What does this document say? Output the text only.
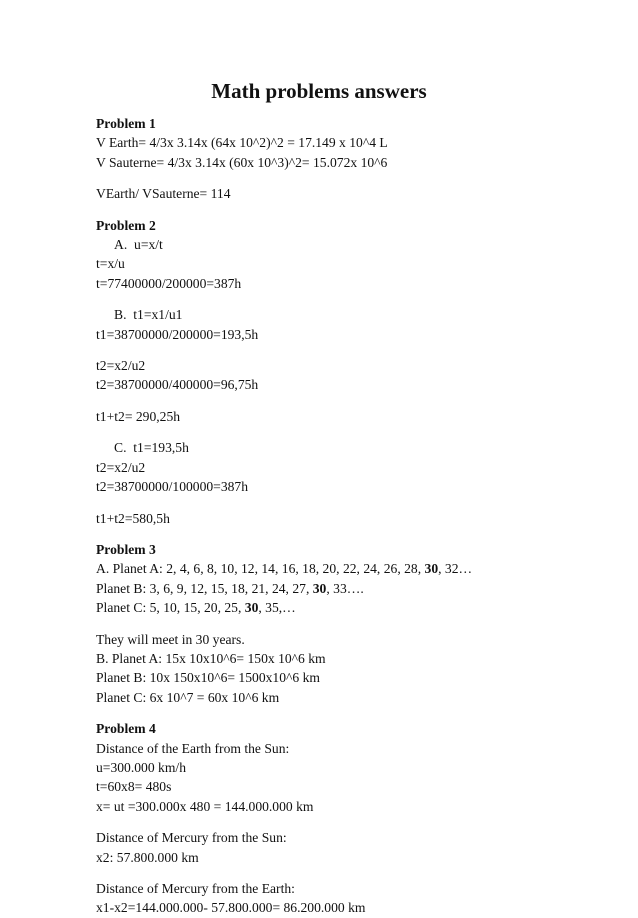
Math problems answers
Problem 1
V Earth= 4/3x 3.14x (64x 10^2)^2 = 17.149 x 10^4 L
V Sauterne= 4/3x 3.14x (60x 10^3)^2= 15.072x 10^6
VEarth/ VSauterne= 114
Problem 2
A. u=x/t
t=x/u
t=77400000/200000=387h
B. t1=x1/u1
t1=38700000/200000=193,5h
t2=x2/u2
t2=38700000/400000=96,75h
t1+t2= 290,25h
C. t1=193,5h
t2=x2/u2
t2=38700000/100000=387h
t1+t2=580,5h
Problem 3
A. Planet A: 2, 4, 6, 8, 10, 12, 14, 16, 18, 20, 22, 24, 26, 28, 30, 32…
Planet B: 3, 6, 9, 12, 15, 18, 21, 24, 27, 30, 33….
Planet C: 5, 10, 15, 20, 25, 30, 35,…
They will meet in 30 years.
B. Planet A: 15x 10x10^6= 150x 10^6 km
Planet B: 10x 150x10^6= 1500x10^6 km
Planet C: 6x 10^7 = 60x 10^6 km
Problem 4
Distance of the Earth from the Sun:
u=300.000 km/h
t=60x8= 480s
x= ut =300.000x 480 = 144.000.000 km
Distance of Mercury from the Sun:
x2: 57.800.000 km
Distance of Mercury from the Earth:
x1-x2=144.000.000- 57.800.000= 86.200.000 km
